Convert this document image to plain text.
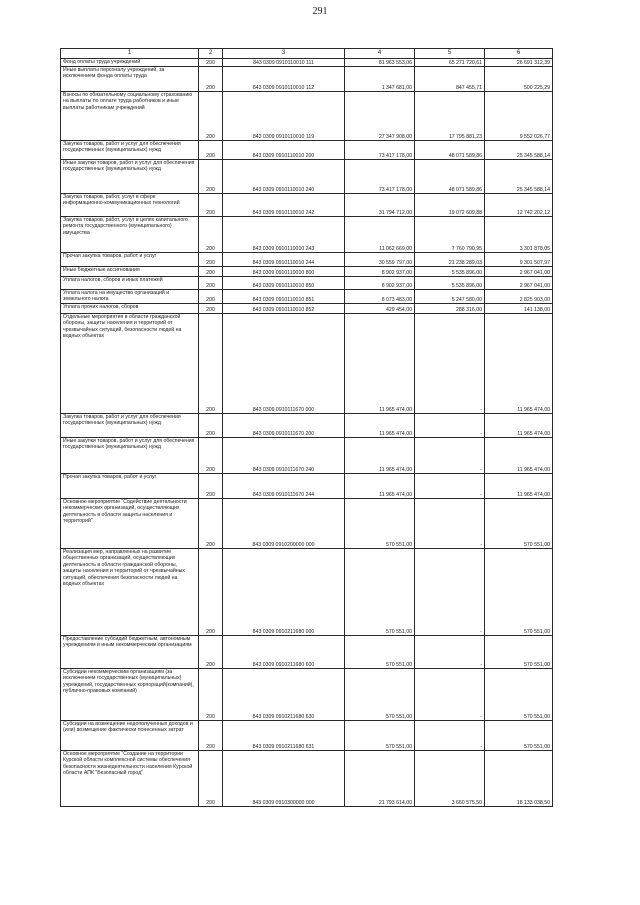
291
1	2	3	4	5	6
Фонд оплаты труда учреждений	200	843 0309 0910110010 111	81 963 553,06	65 271 720,61	26 691 312,39
Иные выплаты персоналу учреждений, за исключением фонда оплаты труда	200	843 0309 0910110010 112	1 347 681,00	847 455,71	500 225,29
Взносы по обязательному социальному страхованию на выплаты по оплате труда работников и иные выплаты работникам учреждений	200	843 0309 0910110010 119	27 347 908,00	17 795 881,23	9 552 026,77
Закупка товаров, работ и услуг для обеспечения государственных (муниципальных) нужд	200	843 0309 0910110010 200	73 417 178,00	48 071 589,86	25 345 588,14
Иные закупки товаров, работ и услуг для обеспечения государственных (муниципальных) нужд	200	843 0309 0910110010 240	73 417 178,00	48 071 589,86	25 345 588,14
Закупка товаров, работ, услуг в сфере информационно-коммуникационных технологий	200	843 0309 0910110010 242	31 794 712,00	19 072 609,88	12 742 202,12
Закупка товаров, работ, услуг в целях капитального ремонта государственного (муниципального) имущества	200	843 0309 0910110010 243	11 062 669,00	7 760 790,95	3 301 878,05
Прочая закупка товаров, работ и услуг	200	843 0309 0910110010 244	30 559 797,00	21 238 289,03	9 301 507,97
Иные бюджетные ассигнования	200	843 0309 0910110010 800	8 902 937,00	5 535 896,00	2 967 041,00
Уплата налогов, сборов и иных платежей	200	843 0309 0910110010 850	8 902 937,00	5 535 896,00	2 967 041,00
Уплата налога на имущество организаций и земельного налога	200	843 0309 0910110010 851	8 073 483,00	5 247 580,00	2 825 903,00
Уплата прочих налогов, сборов	200	843 0309 0910110010 852	429 454,00	288 316,00	141 138,00
Отдельные мероприятия в области гражданской обороны, защиты населения и территорий от чрезвычайных ситуаций, безопасности людей на водных объектах	200	843 0309 0910111670 000	11 965 474,00	-	11 965 474,00
Закупка товаров, работ и услуг для обеспечения государственных (муниципальных) нужд	200	843 0309 0910111670 200	11 965 474,00	-	11 965 474,00
Иные закупки товаров, работ и услуг для обеспечения государственных (муниципальных) нужд	200	843 0309 0910111670 240	11 965 474,00	-	11 965 474,00
Прочая закупка товаров, работ и услуг	200	843 0309 0910111670 244	11 965 474,00	-	11 965 474,00
Основное мероприятие "Содействие деятельности некоммерческих организаций, осуществляющих деятельность в области защиты населения и территорий"	200	843 0309 0910200000 000	570 551,00	-	570 551,00
Реализация мер, направленных на развитие общественных организаций, осуществляющих деятельность в области гражданской обороны, защиты населения и территорий от чрезвычайных ситуаций, обеспечения безопасности людей на водных объектах	200	843 0309 0910211680 000	570 551,00	-	570 551,00
Предоставление субсидий бюджетным, автономным учреждениям и иным некоммерческим организациям	200	843 0309 0910211680 600	570 551,00	-	570 551,00
Субсидии некоммерческим организациям (за исключением государственных (муниципальных) учреждений, государственных корпораций(компаний), публично-правовых компаний)	200	843 0309 0910211680 630	570 551,00	-	570 551,00
Субсидии на возмещение недополученных доходов и (или) возмещение фактически понесенных затрат	200	843 0309 0910211680 631	570 551,00	-	570 551,00
Основное мероприятие "Создание на территории Курской области комплексной системы обеспечения безопасности жизнедеятельности населения Курской области АПК "Безопасный город"	200	843 0309 0910300000 000	21 793 614,00	3 660 575,50	18 133 038,50
